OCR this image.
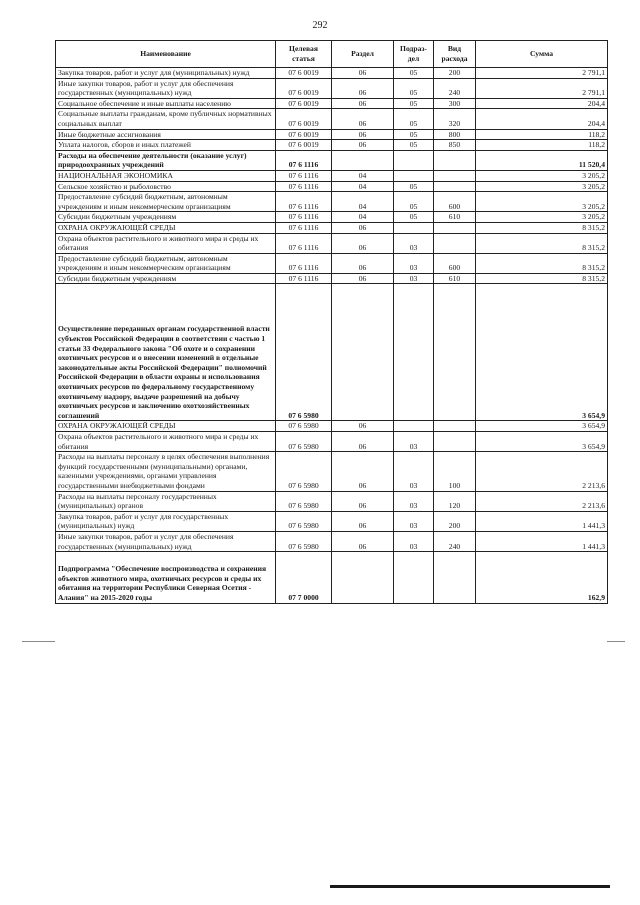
292
Наименование	Целевая статья	Раздел	Подраз-дел	Вид расхода	Сумма
Закупка товаров, работ и услуг для (муниципальных) нужд	07 6 0019	06	05	200	2 791,1
Иные закупки товаров, работ и услуг для обеспечения государственных (муниципальных) нужд	07 6 0019	06	05	240	2 791,1
Социальное обеспечение и иные выплаты населению	07 6 0019	06	05	300	204,4
Социальные выплаты гражданам, кроме публичных нормативных социальных выплат	07 6 0019	06	05	320	204,4
Иные бюджетные ассигнования	07 6 0019	06	05	800	118,2
Уплата налогов, сборов и иных платежей	07 6 0019	06	05	850	118,2
Расходы на обеспечение деятельности (оказание услуг) природоохранных учреждений	07 6 1116				11 520,4
НАЦИОНАЛЬНАЯ ЭКОНОМИКА	07 6 1116	04			3 205,2
Сельское хозяйство и рыболовство	07 6 1116	04	05		3 205,2
Предоставление субсидий бюджетным, автономным учреждениям и иным некоммерческим организациям	07 6 1116	04	05	600	3 205,2
Субсидии бюджетным учреждениям	07 6 1116	04	05	610	3 205,2
ОХРАНА ОКРУЖАЮЩЕЙ СРЕДЫ	07 6 1116	06			8 315,2
Охрана объектов растительного и животного мира и среды их обитания	07 6 1116	06	03		8 315,2
Предоставление субсидий бюджетным, автономным учреждениям и иным некоммерческим организациям	07 6 1116	06	03	600	8 315,2
Субсидии бюджетным учреждениям	07 6 1116	06	03	610	8 315,2
Осуществление переданных органам государственной власти субъектов Российской Федерации в соответствии с частью 1 статьи 33 Федерального закона "Об охоте и о сохранении охотничьих ресурсов и о внесении изменений в отдельные законодательные акты Российской Федерации" полномочий Российской Федерации в области охраны и использования охотничьих ресурсов по федеральному государственному охотничьему надзору, выдаче разрешений на добычу охотничьих ресурсов и заключению охотхозяйственных соглашений	07 6 5980				3 654,9
ОХРАНА ОКРУЖАЮЩЕЙ СРЕДЫ	07 6 5980	06			3 654,9
Охрана объектов растительного и животного мира и среды их обитания	07 6 5980	06	03		3 654,9
Расходы на выплаты персоналу в целях обеспечения выполнения функций государственными (муниципальными) органами, казенными учреждениями, органами управления государственными внебюджетными фондами	07 6 5980	06	03	100	2 213,6
Расходы на выплаты персоналу государственных (муниципальных) органов	07 6 5980	06	03	120	2 213,6
Закупка товаров, работ и услуг для государственных (муниципальных) нужд	07 6 5980	06	03	200	1 441,3
Иные закупки товаров, работ и услуг для обеспечения государственных (муниципальных) нужд	07 6 5980	06	03	240	1 441,3
Подпрограмма "Обеспечение воспроизводства и сохранения объектов животного мира, охотничьих ресурсов и среды их обитания на территории Республики Северная Осетия - Алания" на 2015-2020 годы	07 7 0000				162,9
